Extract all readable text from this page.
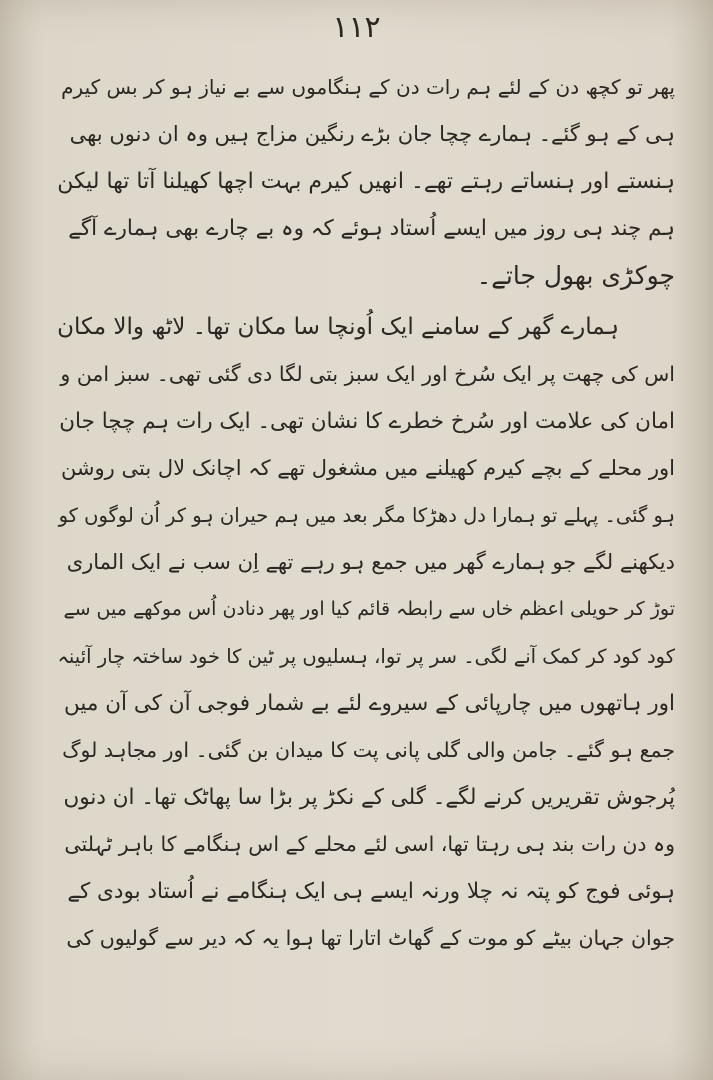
۱۱۲
پھر تو کچھ دن کے لئے ہم رات دن کے ہنگاموں سے بے نیاز ہو کر بس کیرم
ہی کے ہو گئے۔ ہمارے چچا جان بڑے رنگین مزاج ہیں وہ ان دنوں بھی
ہنستے اور ہنساتے رہتے تھے۔ انھیں کیرم بہت اچھا کھیلنا آتا تھا لیکن
ہم چند ہی روز میں ایسے اُستاد ہوئے کہ وہ بے چارے بھی ہمارے آگے
چوکڑی بھول جاتے۔
ہمارے گھر کے سامنے ایک اُونچا سا مکان تھا۔ لاٹھ والا مکان
اس کی چھت پر ایک سُرخ اور ایک سبز بتی لگا دی گئی تھی۔ سبز امن و
امان کی علامت اور سُرخ خطرے کا نشان تھی۔ ایک رات ہم چچا جان
اور محلے کے بچے کیرم کھیلنے میں مشغول تھے کہ اچانک لال بتی روشن
ہو گئی۔ پہلے تو ہمارا دل دھڑکا مگر بعد میں ہم حیران ہو کر اُن لوگوں کو
دیکھنے لگے جو ہمارے گھر میں جمع ہو رہے تھے اِن سب نے ایک الماری
توڑ کر حویلی اعظم خاں سے رابطہ قائم کیا اور پھر دنادن اُس موکھے میں سے
کود کود کر کمک آنے لگی۔ سر پر توا، ہسلیوں پر ٹین کا خود ساختہ چار آئینہ
اور ہاتھوں میں چارپائی کے سیروے لئے بے شمار فوجی آن کی آن میں
جمع ہو گئے۔ جامن والی گلی پانی پت کا میدان بن گئی۔ اور مجاہد لوگ
پُرجوش تقریریں کرنے لگے۔ گلی کے نکڑ پر بڑا سا پھاٹک تھا۔ ان دنوں
وہ دن رات بند ہی رہتا تھا، اسی لئے محلے کے اس ہنگامے کا باہر ٹہلتی
ہوئی فوج کو پتہ نہ چلا ورنہ ایسے ہی ایک ہنگامے نے اُستاد بودی کے
جوان جہان بیٹے کو موت کے گھاٹ اتارا تھا ہوا یہ کہ دیر سے گولیوں کی
